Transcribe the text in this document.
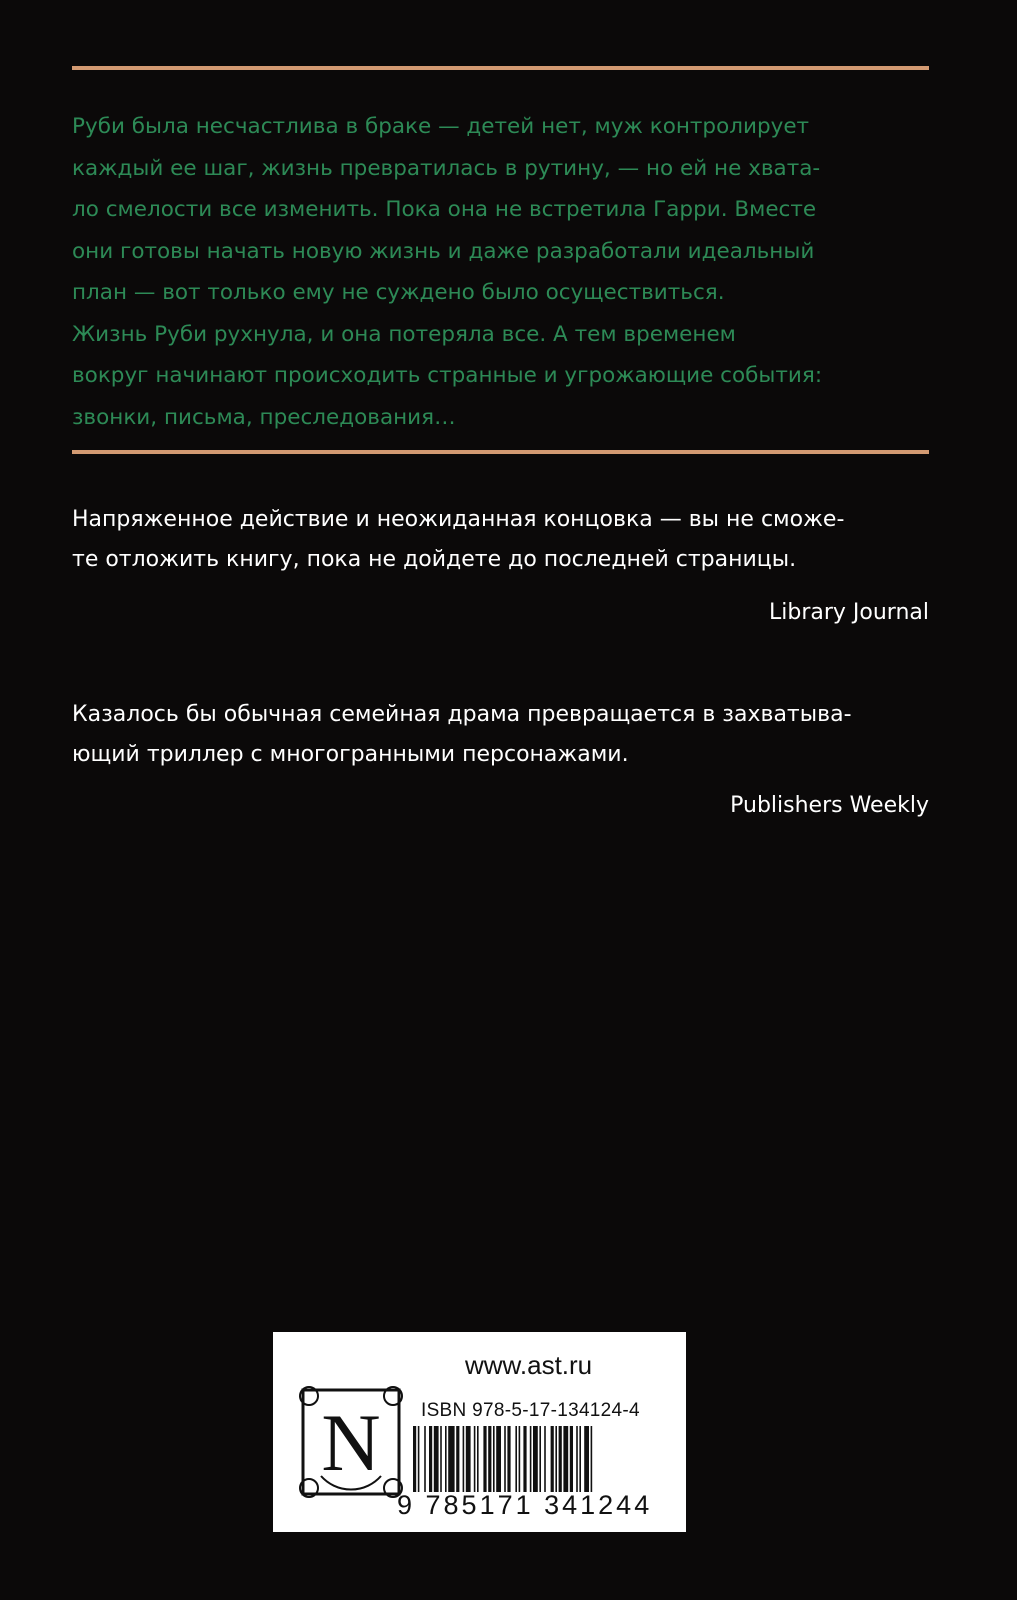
Руби была несчастлива в браке — детей нет, муж контролирует

каждый ее шаг, жизнь превратилась в рутину, — но ей не хвата-

ло смелости все изменить. Пока она не встретила Гарри. Вместе

они готовы начать новую жизнь и даже разработали идеальный

план — вот только ему не суждено было осуществиться.

Жизнь Руби рухнула, и она потеряла все. А тем временем

вокруг начинают происходить странные и угрожающие события:

звонки, письма, преследования…

Напряженное действие и неожиданная концовка — вы не сможе-

те отложить книгу, пока не дойдете до последней страницы.

Library Journal

Казалось бы обычная семейная драма превращается в захватыва-

ющий триллер с многогранными персонажами.

Publishers Weekly
www.ast.ru
ISBN 978-5-17-134124-4
N
9 785171 341244
